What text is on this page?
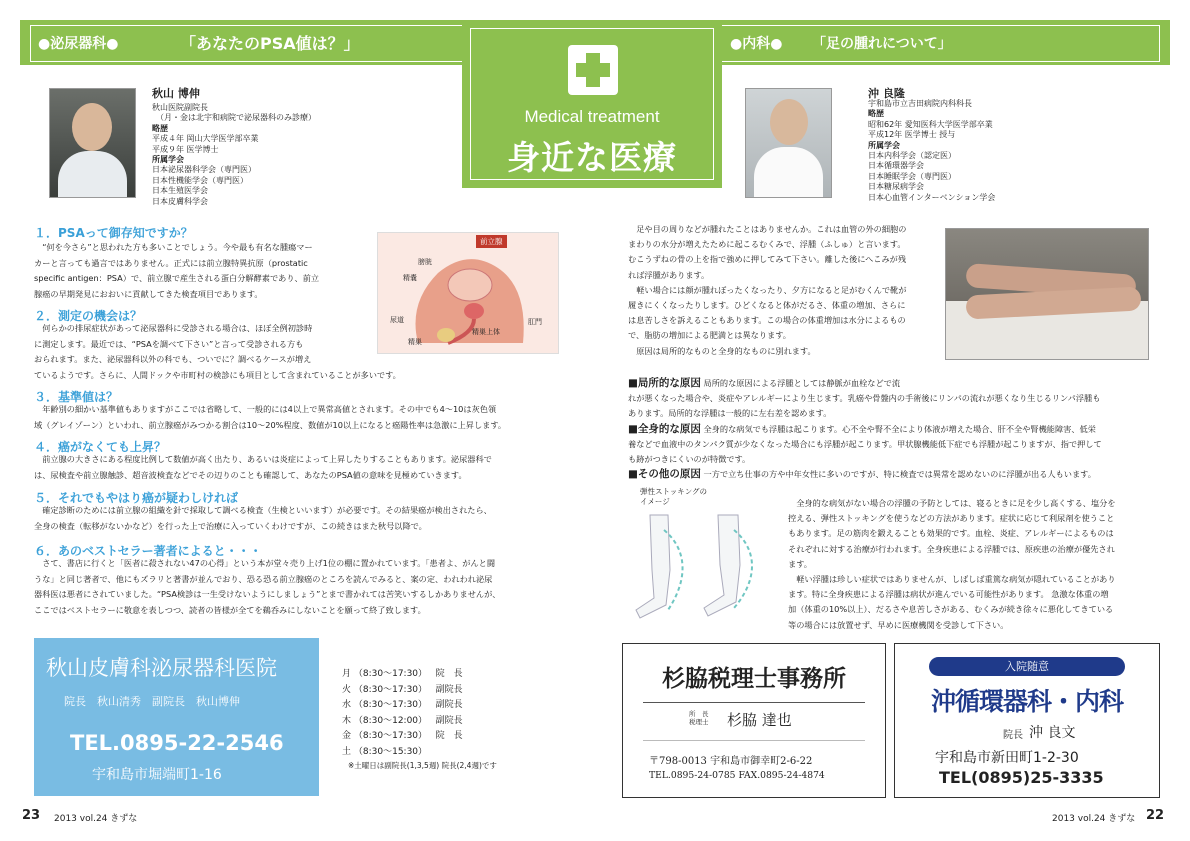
●泌尿器科●	「あなたのPSA値は？」	●内科● 「足の腫れについて」
Medical treatment
身近な医療
秋山 博伸
秋山医院副院長
（月・金は北宇和病院で泌尿器科のみ診療）
略歴
平成４年 岡山大学医学部卒業
平成９年 医学博士
所属学会
日本泌尿器科学会（専門医）
日本性機能学会（専門医）
日本生殖医学会
日本皮膚科学会
沖 良隆
宇和島市立吉田病院内科科長
略歴
昭和62年 愛知医科大学医学部卒業
平成12年 医学博士 授与
所属学会
日本内科学会（認定医）
日本循環器学会
日本睡眠学会（専門医）
日本糖尿病学会
日本心血管インターベンション学会
前立腺
膀胱
精嚢
尿道
精巣
肛門
精巣上体
１．PSAって御存知ですか？
　“何を今さら”と思われた方も多いことでしょう。今や最も有名な腫瘍マー
カーと言っても過言ではありません。正式には前立腺特異抗原（prostatic
specific antigen：PSA）で、前立腺で産生される蛋白分解酵素であり、前立
腺癌の早期発見におおいに貢献してきた検査項目であります。
２．測定の機会は？
　何らかの排尿症状があって泌尿器科に受診される場合は、ほぼ全例初診時
に測定します。最近では、“PSAを調べて下さい”と言って受診される方も
おられます。また、泌尿器科以外の科でも、ついでに？調べるケースが増え
ているようです。さらに、人間ドックや市町村の検診にも項目として含まれていることが多いです。
３．基準値は？
　年齢別の細かい基準値もありますがここでは省略して、一般的には4以上で異常高値とされます。その中でも4〜10は灰色領
域（グレイゾーン）といわれ、前立腺癌がみつかる割合は10〜20%程度、数値が10以上になると癌陽性率は急激に上昇します。
４．癌がなくても上昇？
　前立腺の大きさにある程度比例して数値が高く出たり、あるいは炎症によって上昇したりすることもあります。泌尿器科で
は、尿検査や前立腺触診、超音波検査などでその辺りのことも確認して、あなたのPSA値の意味を見極めていきます。
５．それでもやはり癌が疑わしければ
　確定診断のためには前立腺の組織を針で採取して調べる検査（生検といいます）が必要です。その結果癌が検出されたら、
全身の検査（転移がないかなど）を行った上で治療に入っていくわけですが、この続きはまた秋号以降で。
６．あのベストセラー著者によると・・・
　さて、書店に行くと「医者に殺されない47の心得」という本が堂々売り上げ1位の棚に置かれています。「患者よ、がんと闘
うな」と同じ著者で、他にもズラリと著書が並んでおり、恐る恐る前立腺癌のところを読んでみると、案の定、われわれ泌尿
器科医は悪者にされていました。“PSA検診は一生受けないようにしましょう”とまで書かれては苦笑いするしかありませんが、
ここではベストセラーに敬意を表しつつ、読者の皆様が全てを鵜呑みにしないことを願って終了致します。
　足や目の周りなどが腫れたことはありませんか。これは血管の外の細胞の
まわりの水分が増えたために起こるむくみで、浮腫（ふしゅ）と言います。
むこうずねの骨の上を指で強めに押してみて下さい。離した後にへこみが残
れば浮腫があります。
　軽い場合には顔が腫れぼったくなったり、夕方になると足がむくんで靴が
履きにくくなったりします。ひどくなると体がだるさ、体重の増加、さらに
は息苦しさを訴えることもあります。この場合の体重増加は水分によるもの
で、脂肪の増加による肥満とは異なります。
　原因は局所的なものと全身的なものに別れます。
■局所的な原因 局所的な原因による浮腫としては静脈が血栓などで流
れが悪くなった場合や、炎症やアレルギーにより生じます。乳癌や骨盤内の手術後にリンパの流れが悪くなり生じるリンパ浮腫も
あります。局所的な浮腫は一般的に左右差を認めます。
■全身的な原因 全身的な病気でも浮腫は起こります。心不全や腎不全により体液が増えた場合、肝不全や腎機能障害、低栄
養などで血液中のタンパク質が少なくなった場合にも浮腫が起こります。甲状腺機能低下症でも浮腫が起こりますが、指で押して
も跡がつきにくいのが特徴です。
■その他の原因 一方で立ち仕事の方や中年女性に多いのですが、特に検査では異常を認めないのに浮腫が出る人もいます。
弾性ストッキングの
イメージ	　全身的な病気がない場合の浮腫の予防としては、寝るときに足を少し高くする、塩分を
控える、弾性ストッキングを使うなどの方法があります。症状に応じて利尿剤を使うこと
もあります。足の筋肉を鍛えることも効果的です。血栓、炎症、アレルギーによるものは
それぞれに対する治療が行われます。全身疾患による浮腫では、原疾患の治療が優先され
ます。
　軽い浮腫は珍しい症状ではありませんが、しばしば重篤な病気が隠れていることがあり
ます。特に全身疾患による浮腫は病状が進んでいる可能性があります。 急激な体重の増
加（体重の10%以上）、だるさや息苦しさがある、むくみが続き徐々に悪化してきている
等の場合には放置せず、早めに医療機関を受診して下さい。
秋山皮膚科泌尿器科医院
院長　秋山清秀　副院長　秋山博伸
TEL.0895-22-2546
宇和島市堀端町1-16
月 （8:30〜17:30） 院　長
火 （8:30〜17:30） 副院長
水 （8:30〜17:30） 副院長
木 （8:30〜12:00） 副院長
金 （8:30〜17:30） 院　長
土 （8:30〜15:30）
※土曜日は副院長(1,3,5週) 院長(2,4週)です
杉脇税理士事務所
所　長
税理士 杉脇 達也
〒798-0013 宇和島市御幸町2-6-22
TEL.0895-24-0785 FAX.0895-24-4874
入院随意
沖循環器科・内科
院長 沖 良文
宇和島市新田町1-2-30
TEL(0895)25-3335
23 2013 vol.24 きずな	2013 vol.24 きずな 22
